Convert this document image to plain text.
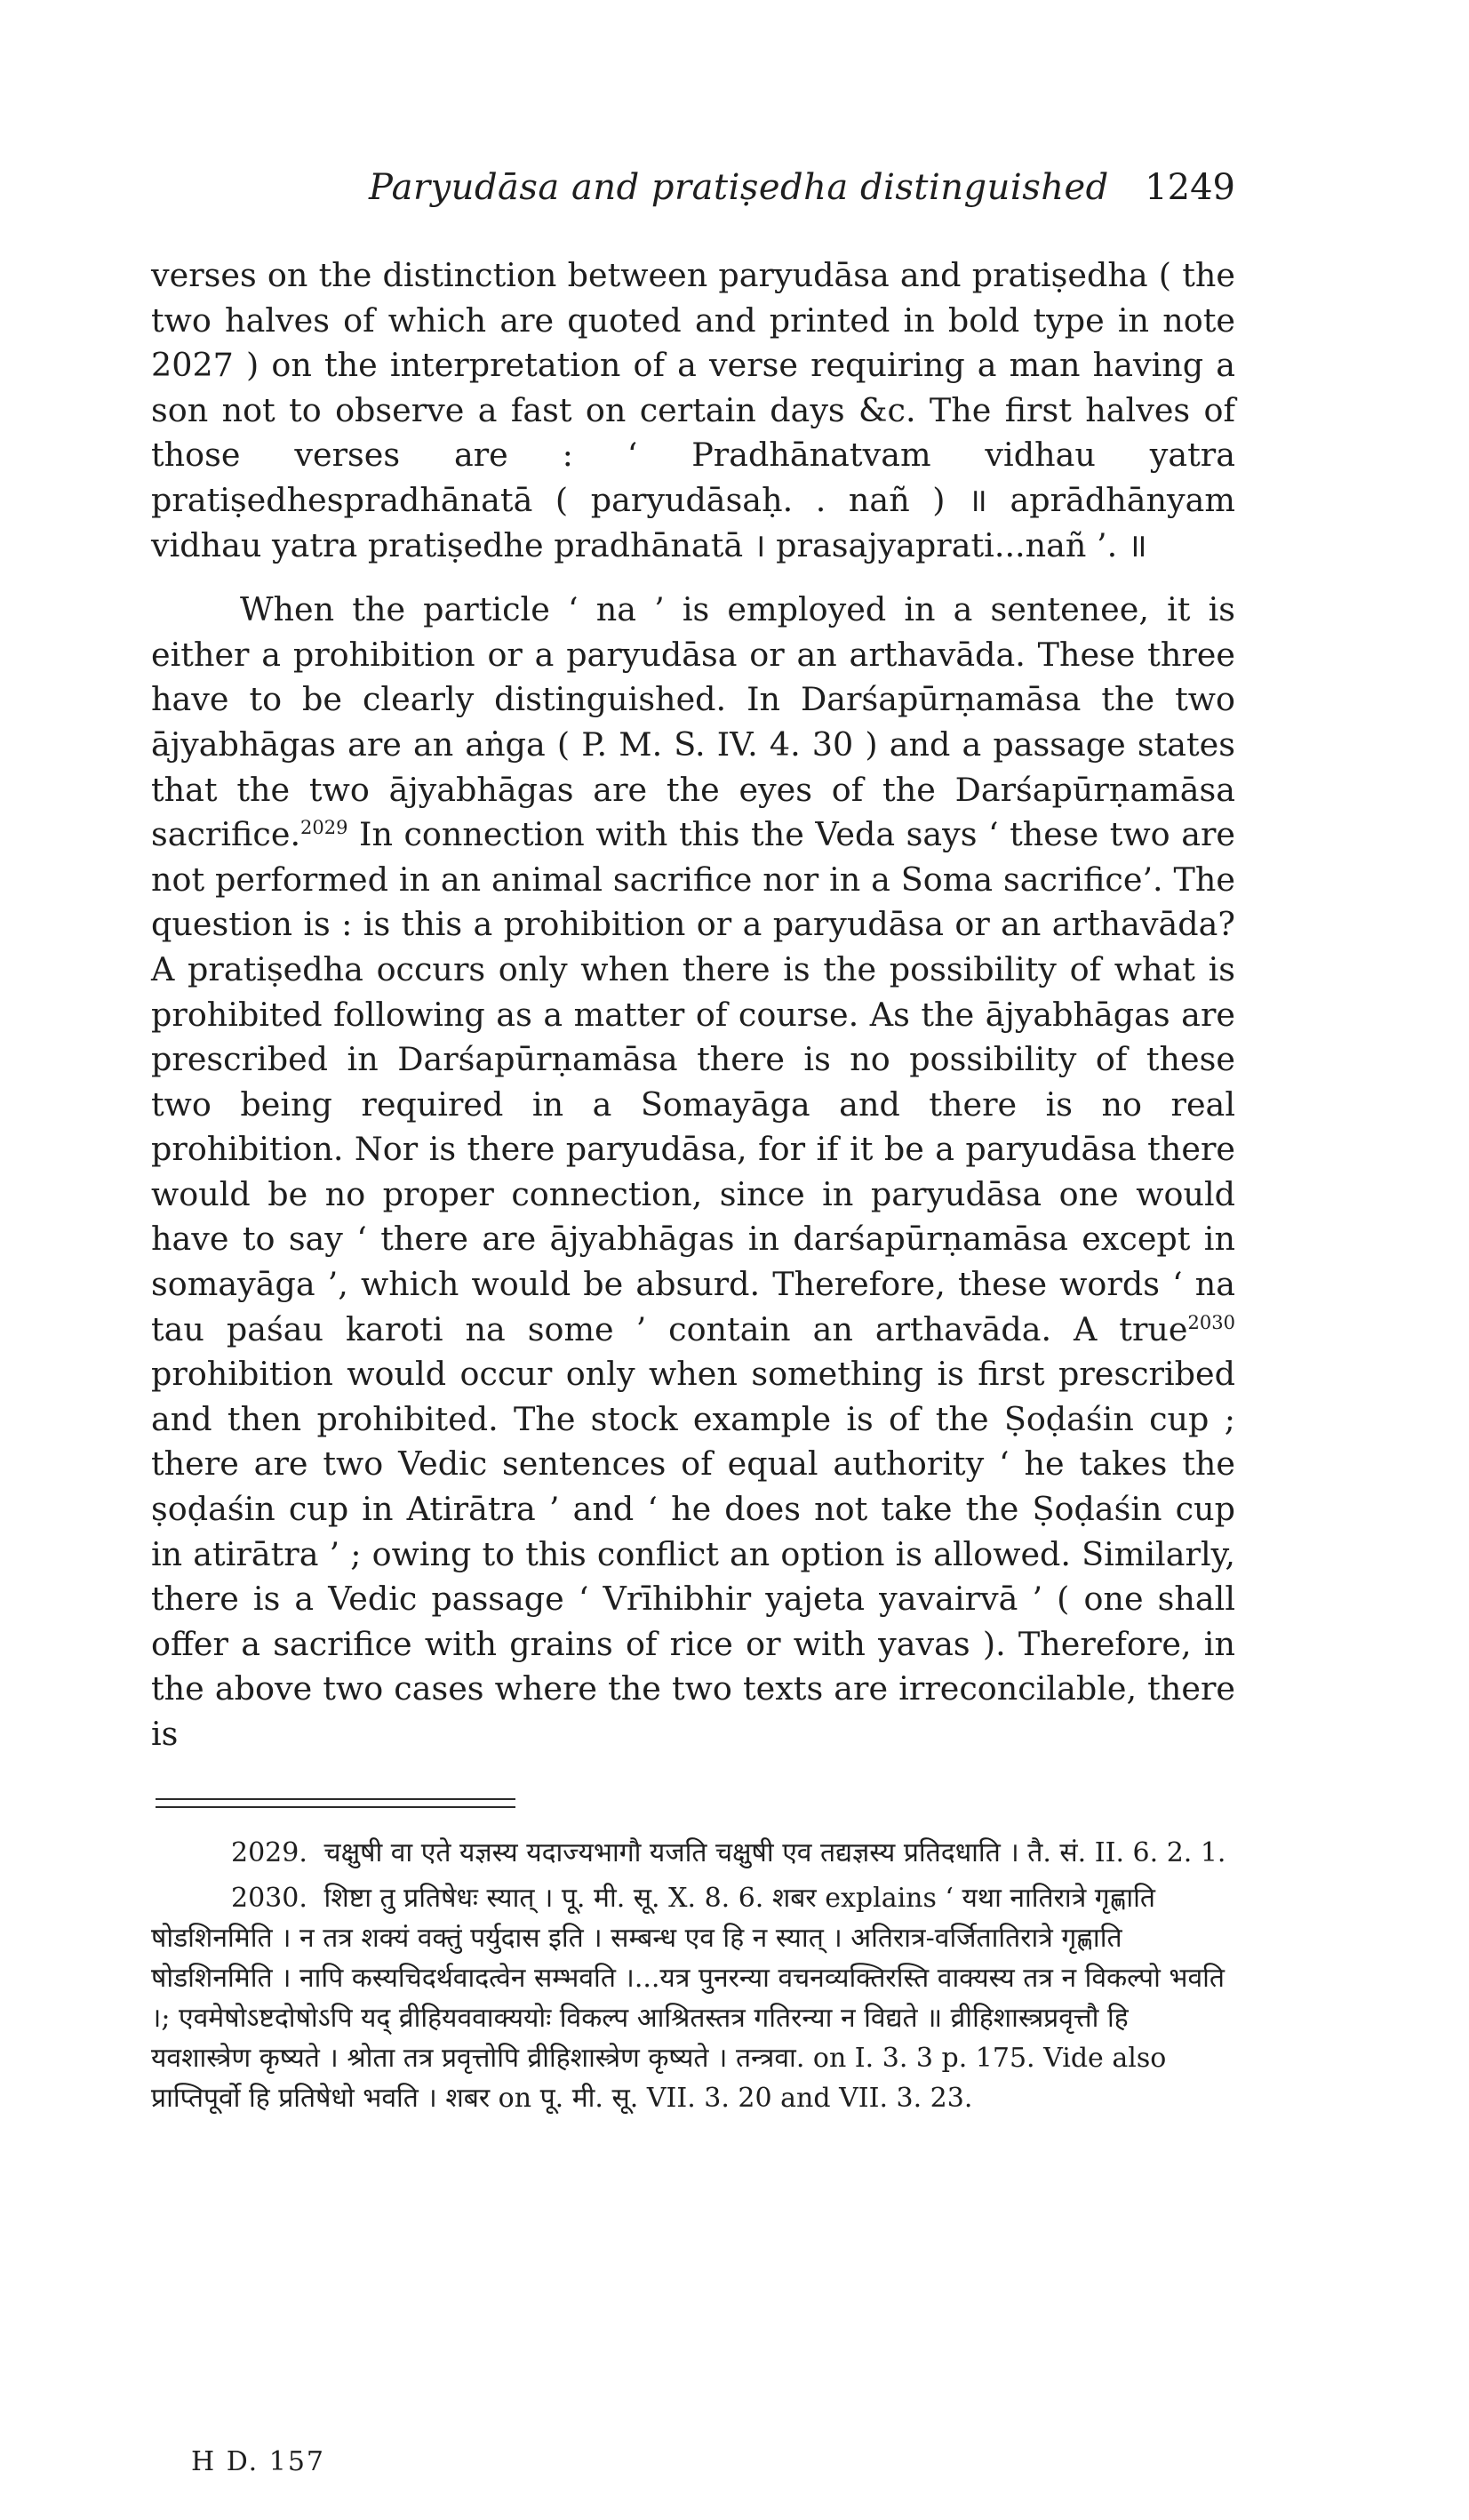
Paryudāsa and pratiṣedha distinguished 1249

verses on the distinction between paryudāsa and pratiṣedha ( the two halves of which are quoted and printed in bold type in note 2027 ) on the interpretation of a verse requiring a man having a son not to observe a fast on certain days &c. The first halves of those verses are : ‘ Pradhānatvam vidhau yatra pratiṣedhespradhānatā ( paryudāsaḥ. . nañ ) ॥ aprādhānyam vidhau yatra pratiṣedhe pradhānatā । prasajyaprati...nañ ’. ॥

When the particle ‘ na ’ is employed in a sentenee, it is either a prohibition or a paryudāsa or an arthavāda. These three have to be clearly distinguished. In Darśapūrṇamāsa the two ājyabhāgas are an aṅga ( P. M. S. IV. 4. 30 ) and a passage states that the two ājyabhāgas are the eyes of the Darśapūrṇamāsa sacrifice.$^{2029}$ In connection with this the Veda says ‘ these two are not performed in an animal sacrifice nor in a Soma sacrifice’. The question is : is this a prohibition or a paryudāsa or an arthavāda? A pratiṣedha occurs only when there is the possibility of what is prohibited following as a matter of course. As the ājyabhāgas are prescribed in Darśapūrṇamāsa there is no possibility of these two being required in a Somayāga and there is no real prohibition. Nor is there paryudāsa, for if it be a paryudāsa there would be no proper connection, since in paryudāsa one would have to say ‘ there are ājyabhāgas in darśapūrṇamāsa except in somayāga ’, which would be absurd. Therefore, these words ‘ na tau paśau karoti na some ’ contain an arthavāda. A true$^{2030}$ prohibition would occur only when something is first prescribed and then prohibited. The stock example is of the Ṣoḍaśin cup ; there are two Vedic sentences of equal authority ‘ he takes the ṣoḍaśin cup in Atirātra ’ and ‘ he does not take the Ṣoḍaśin cup in atirātra ’ ; owing to this conflict an option is allowed. Similarly, there is a Vedic passage ‘ Vrīhibhir yajeta yavairvā ’ ( one shall offer a sacrifice with grains of rice or with yavas ). Therefore, in the above two cases where the two texts are irreconcilable, there is

2029. चक्षुषी वा एते यज्ञस्य यदाज्यभागौ यजति चक्षुषी एव तद्यज्ञस्य प्रतिदधाति । तै. सं. II. 6. 2. 1.

2030. शिष्टा तु प्रतिषेधः स्यात् । पू. मी. सू. X. 8. 6. शबर explains ‘ यथा नातिरात्रे गृह्णाति षोडशिनमिति । न तत्र शक्यं वक्तुं पर्युदास इति । सम्बन्ध एव हि न स्यात् । अतिरात्र-वर्जितातिरात्रे गृह्णाति षोडशिनमिति । नापि कस्यचिदर्थवादत्वेन सम्भवति ।...यत्र पुनरन्या वचनव्यक्तिरस्ति वाक्यस्य तत्र न विकल्पो भवति ।; एवमेषोऽष्टदोषोऽपि यद् व्रीहियववाक्ययोः विकल्प आश्रितस्तत्र गतिरन्या न विद्यते ॥ व्रीहिशास्त्रप्रवृत्तौ हि यवशास्त्रेण कृष्यते । श्रोता तत्र प्रवृत्तोपि व्रीहिशास्त्रेण कृष्यते । तन्त्रवा. on I. 3. 3 p. 175. Vide also प्राप्तिपूर्वो हि प्रतिषेधो भवति । शबर on पू. मी. सू. VII. 3. 20 and VII. 3. 23.

H D. 157
